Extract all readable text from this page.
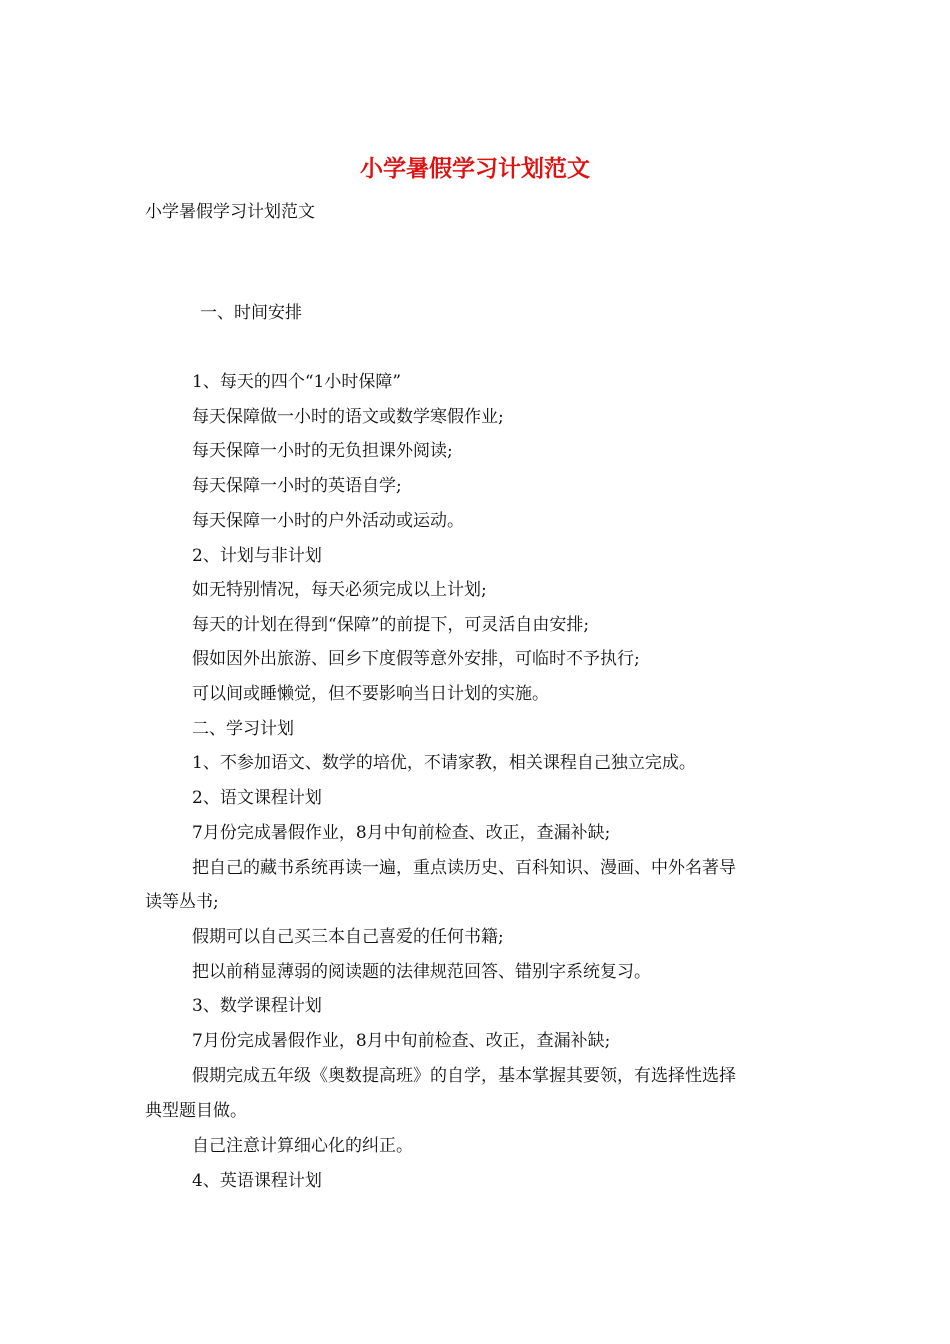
小学暑假学习计划范文
小学暑假学习计划范文
一、时间安排
1、每天的四个“1小时保障”
每天保障做一小时的语文或数学寒假作业;
每天保障一小时的无负担课外阅读;
每天保障一小时的英语自学;
每天保障一小时的户外活动或运动。
2、计划与非计划
如无特别情况，每天必须完成以上计划;
每天的计划在得到“保障”的前提下，可灵活自由安排;
假如因外出旅游、回乡下度假等意外安排，可临时不予执行;
可以间或睡懒觉，但不要影响当日计划的实施。
二、学习计划
1、不参加语文、数学的培优，不请家教，相关课程自己独立完成。
2、语文课程计划
7月份完成暑假作业，8月中旬前检查、改正，查漏补缺;
把自己的藏书系统再读一遍，重点读历史、百科知识、漫画、中外名著导
读等丛书;
假期可以自己买三本自己喜爱的任何书籍;
把以前稍显薄弱的阅读题的法律规范回答、错别字系统复习。
3、数学课程计划
7月份完成暑假作业，8月中旬前检查、改正，查漏补缺;
假期完成五年级《奥数提高班》的自学，基本掌握其要领，有选择性选择
典型题目做。
自己注意计算细心化的纠正。
4、英语课程计划
